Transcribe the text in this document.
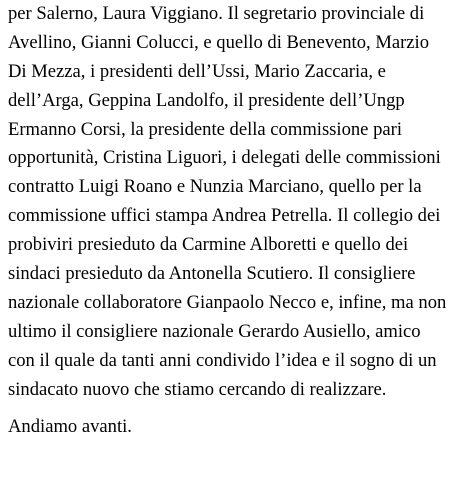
per Salerno, Laura Viggiano. Il segretario provinciale di
Avellino, Gianni Colucci, e quello di Benevento, Marzio
Di Mezza, i presidenti dell’Ussi, Mario Zaccaria, e
dell’Arga, Geppina Landolfo, il presidente dell’Ungp
Ermanno Corsi, la presidente della commissione pari
opportunità, Cristina Liguori, i delegati delle commissioni
contratto Luigi Roano e Nunzia Marciano, quello per la
commissione uffici stampa Andrea Petrella. Il collegio dei
probiviri presieduto da Carmine Alboretti e quello dei
sindaci presieduto da Antonella Scutiero. Il consigliere
nazionale collaboratore Gianpaolo Necco e, infine, ma non
ultimo il consigliere nazionale Gerardo Ausiello, amico
con il quale da tanti anni condivido l’idea e il sogno di un
sindacato nuovo che stiamo cercando di realizzare.
Andiamo avanti.
